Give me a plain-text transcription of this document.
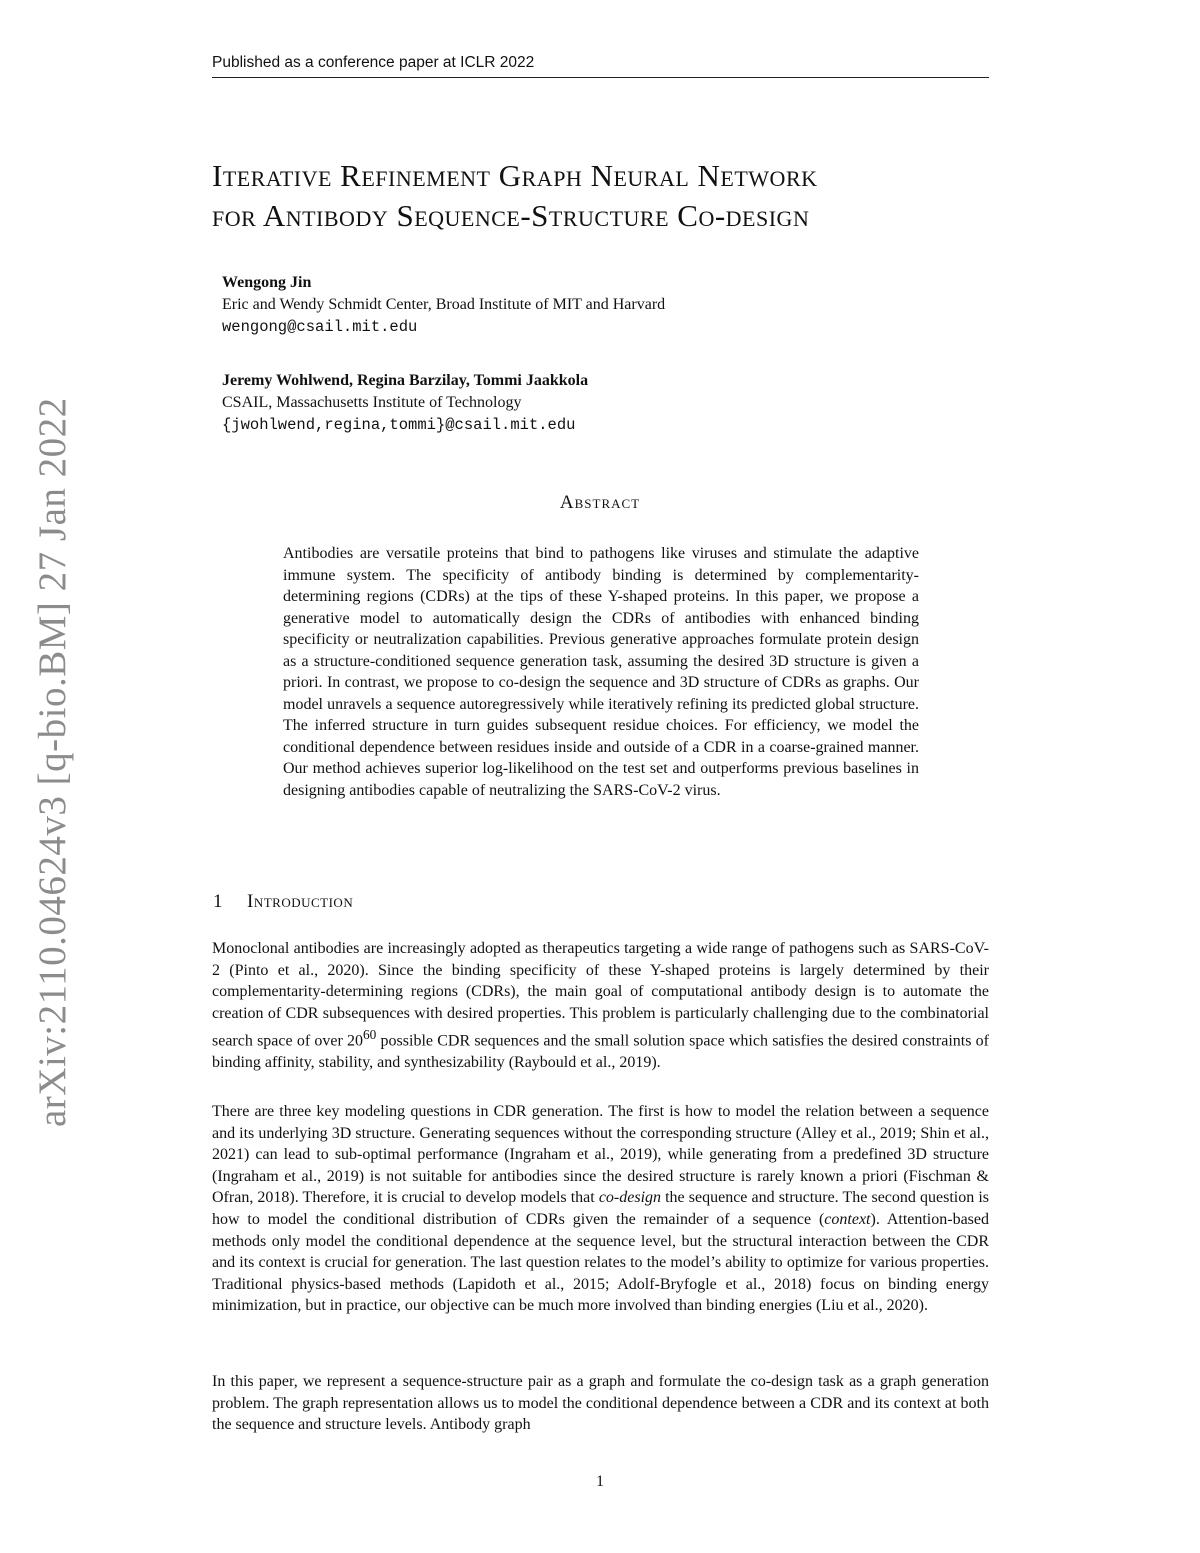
Published as a conference paper at ICLR 2022
arXiv:2110.04624v3 [q-bio.BM] 27 Jan 2022
Iterative Refinement Graph Neural Network
for Antibody Sequence-Structure Co-design
Wengong Jin
Eric and Wendy Schmidt Center, Broad Institute of MIT and Harvard
wengong@csail.mit.edu
Jeremy Wohlwend, Regina Barzilay, Tommi Jaakkola
CSAIL, Massachusetts Institute of Technology
{jwohlwend,regina,tommi}@csail.mit.edu
Abstract
Antibodies are versatile proteins that bind to pathogens like viruses and stimulate the adaptive immune system. The specificity of antibody binding is determined by complementarity-determining regions (CDRs) at the tips of these Y-shaped proteins. In this paper, we propose a generative model to automatically design the CDRs of antibodies with enhanced binding specificity or neutralization capabilities. Previous generative approaches formulate protein design as a structure-conditioned sequence generation task, assuming the desired 3D structure is given a priori. In contrast, we propose to co-design the sequence and 3D structure of CDRs as graphs. Our model unravels a sequence autoregressively while iteratively refining its predicted global structure. The inferred structure in turn guides subsequent residue choices. For efficiency, we model the conditional dependence between residues inside and outside of a CDR in a coarse-grained manner. Our method achieves superior log-likelihood on the test set and outperforms previous baselines in designing antibodies capable of neutralizing the SARS-CoV-2 virus.
1 Introduction
Monoclonal antibodies are increasingly adopted as therapeutics targeting a wide range of pathogens such as SARS-CoV-2 (Pinto et al., 2020). Since the binding specificity of these Y-shaped proteins is largely determined by their complementarity-determining regions (CDRs), the main goal of computational antibody design is to automate the creation of CDR subsequences with desired properties. This problem is particularly challenging due to the combinatorial search space of over $20^{60}$ possible CDR sequences and the small solution space which satisfies the desired constraints of binding affinity, stability, and synthesizability (Raybould et al., 2019).
There are three key modeling questions in CDR generation. The first is how to model the relation between a sequence and its underlying 3D structure. Generating sequences without the corresponding structure (Alley et al., 2019; Shin et al., 2021) can lead to sub-optimal performance (Ingraham et al., 2019), while generating from a predefined 3D structure (Ingraham et al., 2019) is not suitable for antibodies since the desired structure is rarely known a priori (Fischman & Ofran, 2018). Therefore, it is crucial to develop models that co-design the sequence and structure. The second question is how to model the conditional distribution of CDRs given the remainder of a sequence (context). Attention-based methods only model the conditional dependence at the sequence level, but the structural interaction between the CDR and its context is crucial for generation. The last question relates to the model’s ability to optimize for various properties. Traditional physics-based methods (Lapidoth et al., 2015; Adolf-Bryfogle et al., 2018) focus on binding energy minimization, but in practice, our objective can be much more involved than binding energies (Liu et al., 2020).
In this paper, we represent a sequence-structure pair as a graph and formulate the co-design task as a graph generation problem. The graph representation allows us to model the conditional dependence between a CDR and its context at both the sequence and structure levels. Antibody graph
1
